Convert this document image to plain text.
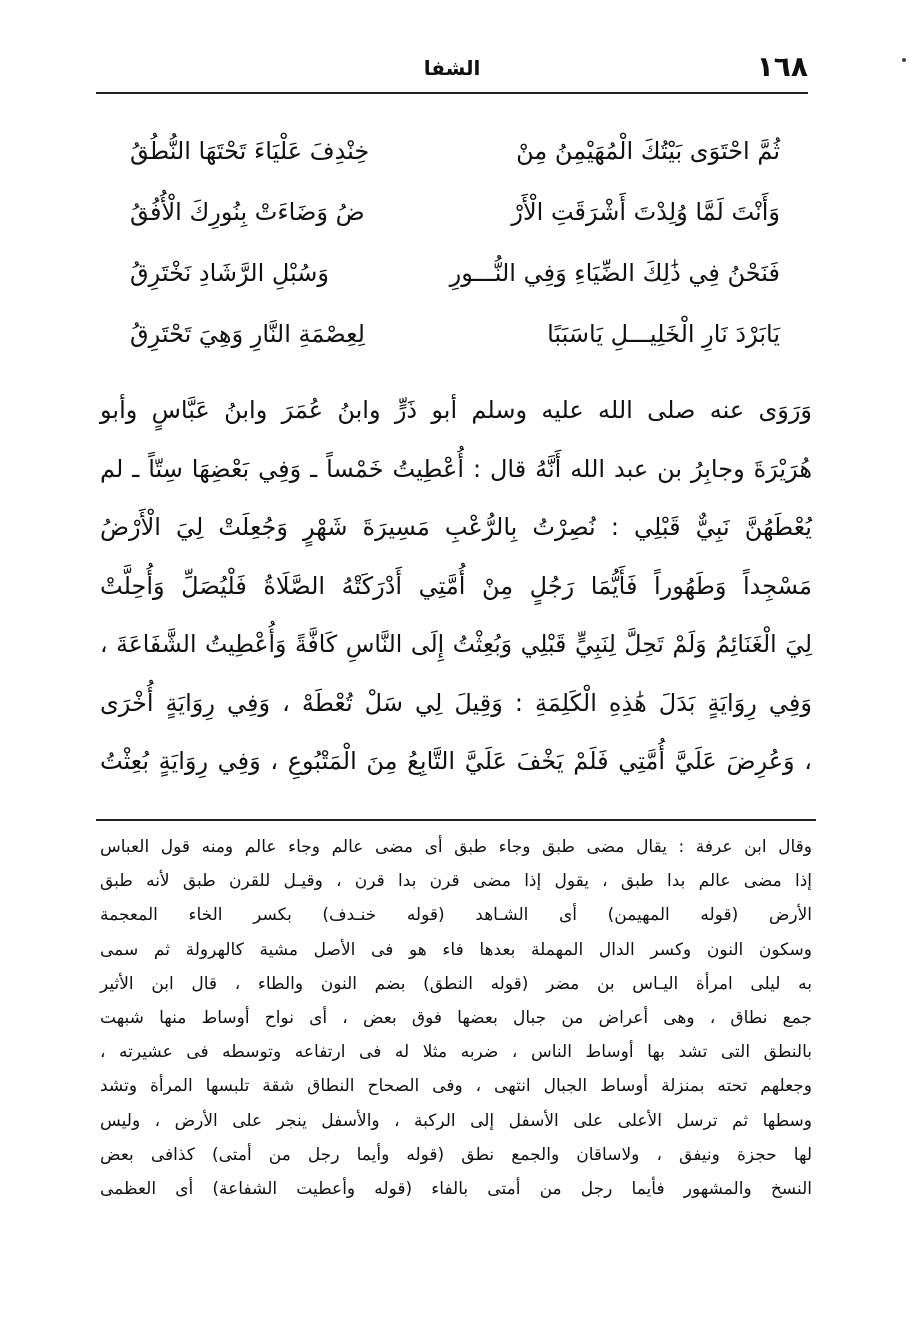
الشفا	١٦٨
ثُمَّ احْتَوَى بَيْتُكَ الْمُهَيْمِنُ مِنْ
خِنْدِفَ عَلْيَاءَ تَحْتَهَا النُّطُقُ
وَأَنْتَ لَمَّا وُلِدْتَ أَشْرَقَتِ الْأَرْ
ضُ وَضَاءَتْ بِنُورِكَ الْأُفُقُ
فَنَحْنُ فِي ذَٰلِكَ الضِّيَاءِ وَفِي النُّـــورِ
وَسُبْلِ الرَّشَادِ نَخْتَرِقُ
يَابَرْدَ نَارِ الْخَلِيـــلِ يَاسَبَبًا
لِعِصْمَةِ النَّارِ وَهِيَ تَحْتَرِقُ
وَرَوَى عنه صلى الله عليه وسلم أبو ذَرٍّ وابنُ عُمَرَ وابنُ عَبَّاسٍ وأبو
هُرَيْرَةَ وجابِرُ بن عبد الله أَنَّهُ قال : أُعْطِيتُ خَمْساً ـ وَفِي بَعْضِهَا سِتّاً ـ لم
يُعْطَهُنَّ نَبِيٌّ قَبْلِي : نُصِرْتُ بِالرُّعْبِ مَسِيرَةَ شَهْرٍ وَجُعِلَتْ لِيَ الْأَرْضُ
مَسْجِداً وَطَهُوراً فَأَيُّمَا رَجُلٍ مِنْ أُمَّتِي أَدْرَكَتْهُ الصَّلَاةُ فَلْيُصَلِّ وَأُحِلَّتْ
لِيَ الْغَنَائِمُ وَلَمْ تَحِلَّ لِنَبِيٍّ قَبْلِي وَبُعِثْتُ إِلَى النَّاسِ كَافَّةً وَأُعْطِيتُ الشَّفَاعَةَ ،
وَفِي رِوَايَةٍ بَدَلَ هَٰذِهِ الْكَلِمَةِ : وَقِيلَ لِي سَلْ تُعْطَهْ ، وَفِي رِوَايَةٍ أُخْرَى
، وَعُرِضَ عَلَيَّ أُمَّتِي فَلَمْ يَخْفَ عَلَيَّ التَّابِعُ مِنَ الْمَتْبُوعِ ، وَفِي رِوَايَةٍ بُعِثْتُ
وقال ابن عرفة : يقال مضى طبق وجاء طبق أى مضى عالم وجاء عالم ومنه قول العباس
إذا مضى عالم بدا طبق ، يقول إذا مضى قرن بدا قرن ، وقيـل للقرن طبق لأنه طبق
الأرض (قوله المهيمن) أى الشـاهد (قوله خنـدف) بكسر الخاء المعجمة
وسكون النون وكسر الدال المهملة بعدها فاء هو فى الأصل مشية كالهرولة ثم سمى
به ليلى امرأة اليـاس بن مضر (قوله النطق) بضم النون والطاء ، قال ابن الأثير
جمع نطاق ، وهى أعراض من جبال بعضها فوق بعض ، أى نواح أوساط منها شبهت
بالنطق التى تشد بها أوساط الناس ، ضربه مثلا له فى ارتفاعه وتوسطه فى عشيرته ،
وجعلهم تحته بمنزلة أوساط الجبال انتهى ، وفى الصحاح النطاق شقة تلبسها المرأة وتشد
وسطها ثم ترسل الأعلى على الأسفل إلى الركبة ، والأسفل ينجر على الأرض ، وليس
لها حجزة ونيفق ، ولاساقان والجمع نطق (قوله وأيما رجل من أمتى) كذافى بعض
النسخ والمشهور فأيما رجل من أمتى بالفاء (قوله وأعطيت الشفاعة) أى العظمى
